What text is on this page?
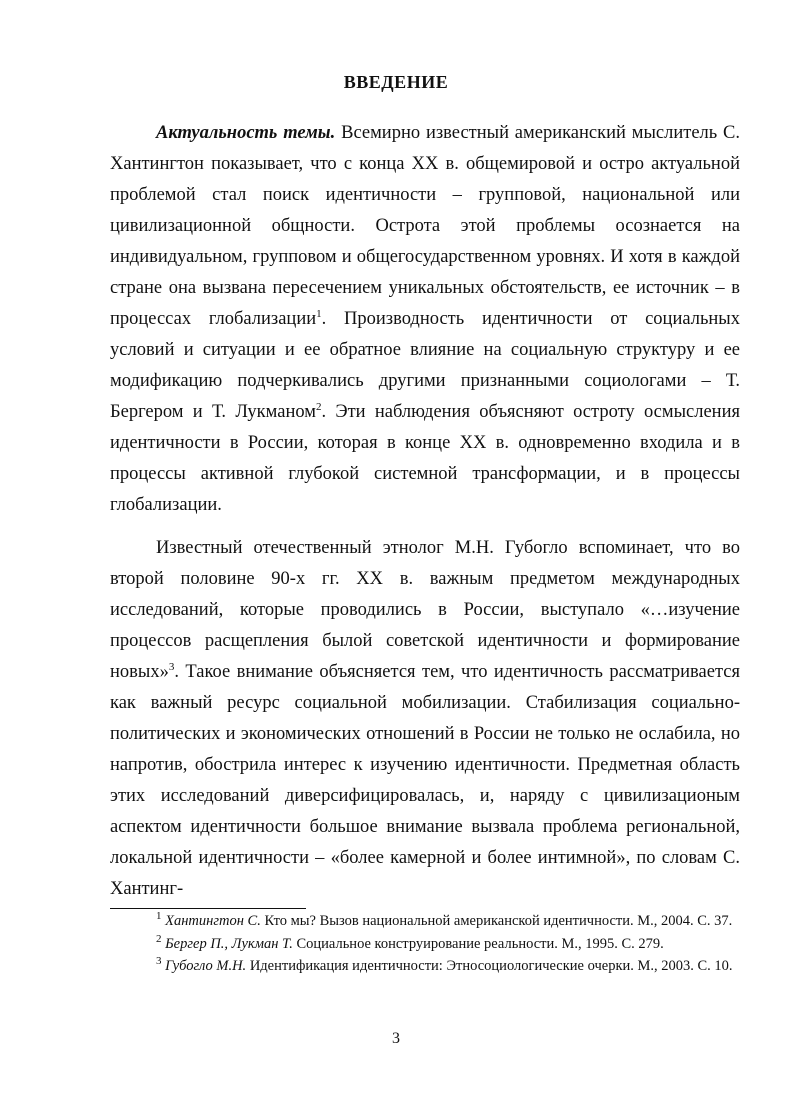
ВВЕДЕНИЕ

Актуальность темы. Всемирно известный американский мыслитель С. Хантингтон показывает, что с конца XX в. общемировой и остро актуальной проблемой стал поиск идентичности – групповой, национальной или цивилизационной общности. Острота этой проблемы осознается на индивидуальном, групповом и общегосударственном уровнях. И хотя в каждой стране она вызвана пересечением уникальных обстоятельств, ее источник – в процессах глобализации$^1$. Производность идентичности от социальных условий и ситуации и ее обратное влияние на социальную структуру и ее модификацию подчеркивались другими признанными социологами – Т. Бергером и Т. Лукманом$^2$. Эти наблюдения объясняют остроту осмысления идентичности в России, которая в конце XX в. одновременно входила и в процессы активной глубокой системной трансформации, и в процессы глобализации.

Известный отечественный этнолог М.Н. Губогло вспоминает, что во второй половине 90-х гг. XX в. важным предметом международных исследований, которые проводились в России, выступало «…изучение процессов расщепления былой советской идентичности и формирование новых»$^3$. Такое внимание объясняется тем, что идентичность рассматривается как важный ресурс социальной мобилизации. Стабилизация социально-политических и экономических отношений в России не только не ослабила, но напротив, обострила интерес к изучению идентичности. Предметная область этих исследований диверсифицировалась, и, наряду с цивилизационым аспектом идентичности большое внимание вызвала проблема региональной, локальной идентичности – «более камерной и более интимной», по словам С. Хантинг-

$^1$ Хантингтон С. Кто мы? Вызов национальной американской идентичности. М., 2004. С. 37.
$^2$ Бергер П., Лукман Т. Социальное конструирование реальности. М., 1995. С. 279.
$^3$ Губогло М.Н. Идентификация идентичности: Этносоциологические очерки. М., 2003. С. 10.
3
